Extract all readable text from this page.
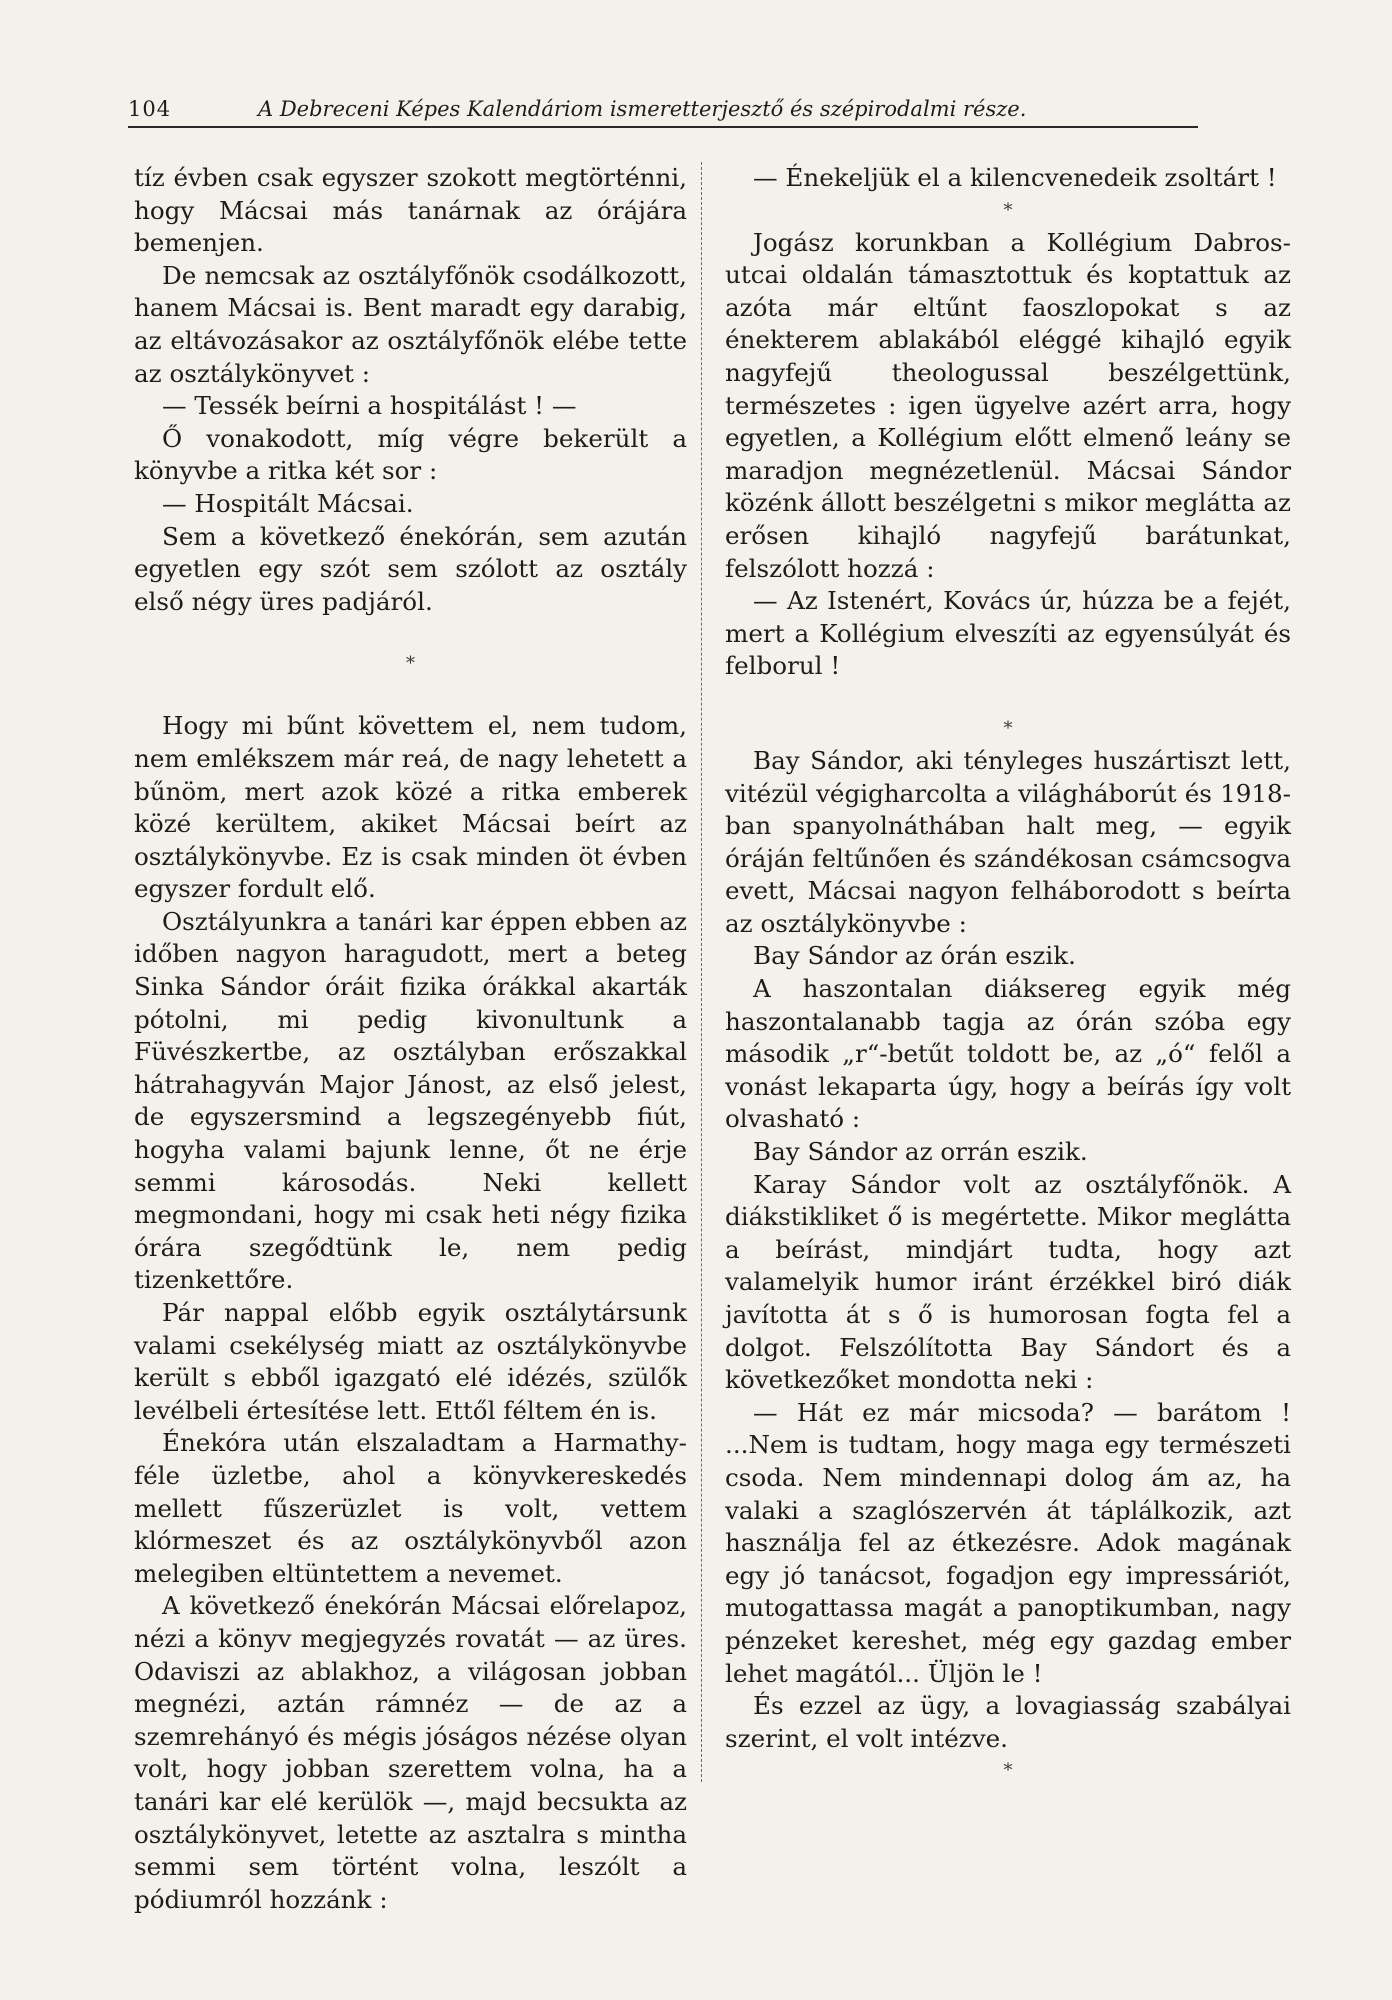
104	A Debreceni Képes Kalendáriom ismeretterjesztő és szépirodalmi része.

tíz évben csak egyszer szokott megtörténni, hogy Mácsai más tanárnak az órájára bemenjen.

De nemcsak az osztályfőnök csodálkozott, hanem Mácsai is. Bent maradt egy darabig, az eltávozásakor az osztályfőnök elébe tette az osztálykönyvet :

— Tessék beírni a hospitálást ! —

Ő vonakodott, míg végre bekerült a könyvbe a ritka két sor :

— Hospitált Mácsai.

Sem a következő énekórán, sem azután egyetlen egy szót sem szólott az osztály első négy üres padjáról.

*

Hogy mi bűnt követtem el, nem tudom, nem emlékszem már reá, de nagy lehetett a bűnöm, mert azok közé a ritka emberek közé kerültem, akiket Mácsai beírt az osztálykönyvbe. Ez is csak minden öt évben egyszer fordult elő.

Osztályunkra a tanári kar éppen ebben az időben nagyon haragudott, mert a beteg Sinka Sándor óráit fizika órákkal akarták pótolni, mi pedig kivonultunk a Füvészkertbe, az osztályban erőszakkal hátrahagyván Major Jánost, az első jelest, de egyszersmind a legszegényebb fiút, hogyha valami bajunk lenne, őt ne érje semmi károsodás. Neki kellett megmondani, hogy mi csak heti négy fizika órára szegődtünk le, nem pedig tizenkettőre.

Pár nappal előbb egyik osztálytársunk valami csekélység miatt az osztálykönyvbe került s ebből igazgató elé idézés, szülők levélbeli értesítése lett. Ettől féltem én is.

Énekóra után elszaladtam a Harmathy-féle üzletbe, ahol a könyvkereskedés mellett fűszerüzlet is volt, vettem klórmeszet és az osztálykönyvből azon melegiben eltüntettem a nevemet.

A következő énekórán Mácsai előrelapoz, nézi a könyv megjegyzés rovatát — az üres. Odaviszi az ablakhoz, a világosan jobban megnézi, aztán rámnéz — de az a szemrehányó és mégis jóságos nézése olyan volt, hogy jobban szerettem volna, ha a tanári kar elé kerülök —, majd becsukta az osztálykönyvet, letette az asztalra s mintha semmi sem történt volna, leszólt a pódiumról hozzánk :

— Énekeljük el a kilencvenedeik zsoltárt !

*

Jogász korunkban a Kollégium Dabros-utcai oldalán támasztottuk és koptattuk az azóta már eltűnt faoszlopokat s az énekterem ablakából eléggé kihajló egyik nagyfejű theologussal beszélgettünk, természetes : igen ügyelve azért arra, hogy egyetlen, a Kollégium előtt elmenő leány se maradjon megnézetlenül. Mácsai Sándor közénk állott beszélgetni s mikor meglátta az erősen kihajló nagyfejű barátunkat, felszólott hozzá :

— Az Istenért, Kovács úr, húzza be a fejét, mert a Kollégium elveszíti az egyensúlyát és felborul !

*

Bay Sándor, aki tényleges huszártiszt lett, vitézül végigharcolta a világháborút és 1918-ban spanyolnáthában halt meg, — egyik óráján feltűnően és szándékosan csámcsogva evett, Mácsai nagyon felháborodott s beírta az osztálykönyvbe :

Bay Sándor az órán eszik.

A haszontalan diáksereg egyik még haszontalanabb tagja az órán szóba egy második „r“-betűt toldott be, az „ó“ felől a vonást lekaparta úgy, hogy a beírás így volt olvasható :

Bay Sándor az orrán eszik.

Karay Sándor volt az osztályfőnök. A diákstikliket ő is megértette. Mikor meglátta a beírást, mindjárt tudta, hogy azt valamelyik humor iránt érzékkel biró diák javította át s ő is humorosan fogta fel a dolgot. Felszólította Bay Sándort és a következőket mondotta neki :

— Hát ez már micsoda? — barátom ! ...Nem is tudtam, hogy maga egy természeti csoda. Nem mindennapi dolog ám az, ha valaki a szaglószervén át táplálkozik, azt használja fel az étkezésre. Adok magának egy jó tanácsot, fogadjon egy impressáriót, mutogattassa magát a panoptikumban, nagy pénzeket kereshet, még egy gazdag ember lehet magától... Üljön le !

És ezzel az ügy, a lovagiasság szabályai szerint, el volt intézve.

*
